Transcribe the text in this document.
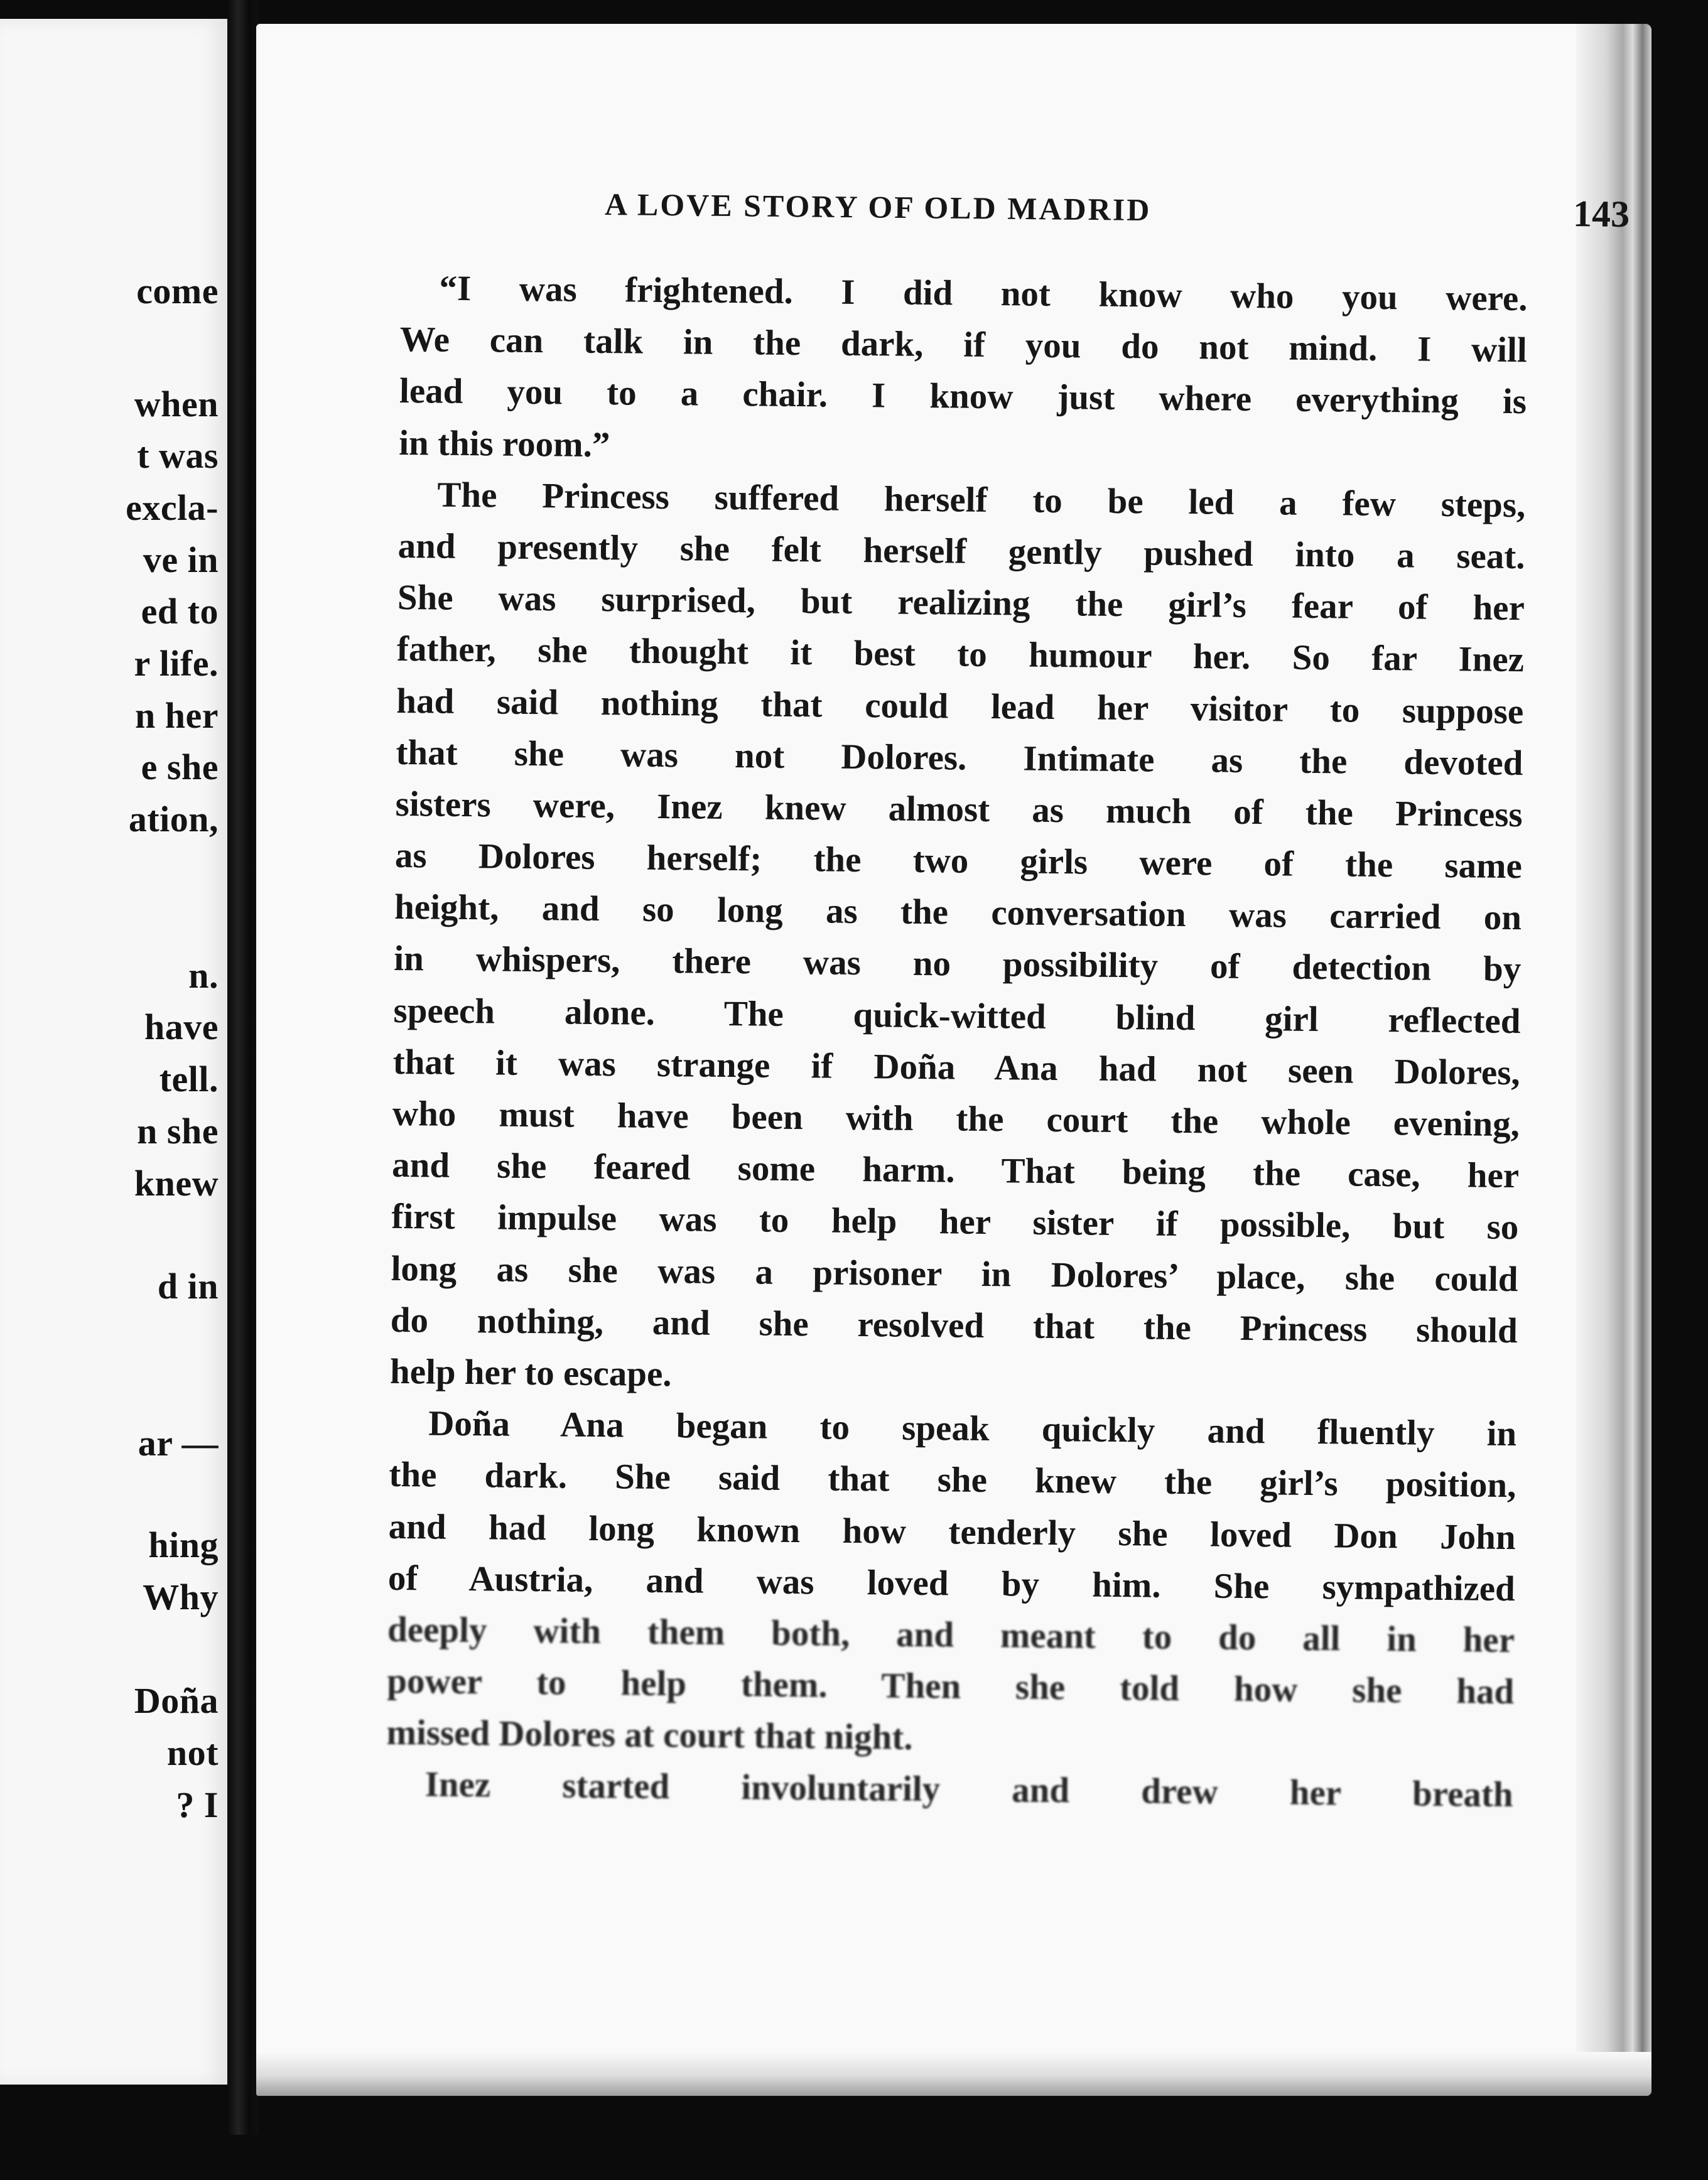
come
when
t was
excla-
ve in
ed to
r life.
n her
e she
ation,
n.
have
tell.
n she
knew
d in
ar —
hing
Why
Doña
not
? I
A LOVE STORY OF OLD MADRID	143
“I was frightened. I did not know who you were.
We can talk in the dark, if you do not mind. I will
lead you to a chair. I know just where everything is
in this room.”
The Princess suffered herself to be led a few steps,
and presently she felt herself gently pushed into a seat.
She was surprised, but realizing the girl’s fear of her
father, she thought it best to humour her. So far Inez
had said nothing that could lead her visitor to suppose
that she was not Dolores. Intimate as the devoted
sisters were, Inez knew almost as much of the Princess
as Dolores herself; the two girls were of the same
height, and so long as the conversation was carried on
in whispers, there was no possibility of detection by
speech alone. The quick-witted blind girl reflected
that it was strange if Doña Ana had not seen Dolores,
who must have been with the court the whole evening,
and she feared some harm. That being the case, her
first impulse was to help her sister if possible, but so
long as she was a prisoner in Dolores’ place, she could
do nothing, and she resolved that the Princess should
help her to escape.
Doña Ana began to speak quickly and fluently in
the dark. She said that she knew the girl’s position,
and had long known how tenderly she loved Don John
of Austria, and was loved by him. She sympathized
deeply with them both, and meant to do all in her
power to help them. Then she told how she had
missed Dolores at court that night.
Inez started involuntarily and drew her breath
